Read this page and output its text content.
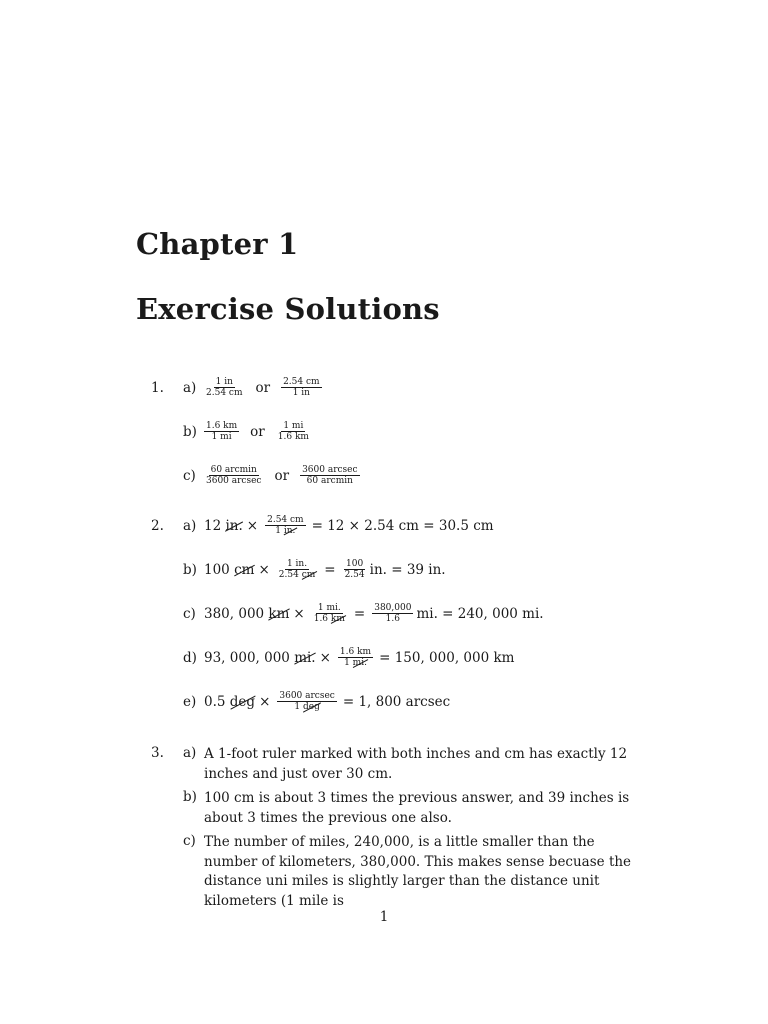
Chapter 1
Exercise Solutions
1. $a) \frac{1 in}{2.54 cm}$ or $\frac{2.54 cm}{1 in}$
$b) \frac{1.6 km}{1 mi}$ or $\frac{1 mi}{1.6 km}$
$c) \frac{\text{60 arcmin}}{\text{3600 arcsec}}$ or $\frac{\text{3600 arcsec}}{\text{60 arcmin}}$
2. a) 12
in. × $\frac{2.54 cm}{1 in.} = 12 \times 2.54$ cm = 30.5 cm
b) 100
cm × $\frac{1 in.}{2.54 cm} = \frac{100}{2.54}$ in. = 39 in.
c) 380, 000
km × $\frac{1 mi.}{1.6 km} = \frac{380,000}{1.6}$ mi. = 240, 000 mi.
d) 93, 000, 000
mi. × $\frac{1.6 km}{1 mi.} = 150$, 000, 000 km
e) 0.5
deg × $\frac{\text{3600 arcsec}}{\text{1 deg}} = 1$, 800 arcsec
3. a) A 1-foot ruler marked with both inches and cm has exactly 12 inches and just over 30 cm.
b) 100 cm is about 3 times the previous answer, and 39 inches is about 3 times the previous one also.
c) The number of miles, 240,000, is a little smaller than the number of kilometers, 380,000. This makes sense becuase the distance uni miles is slightly larger than the distance unit kilometers (1 mile is
1
